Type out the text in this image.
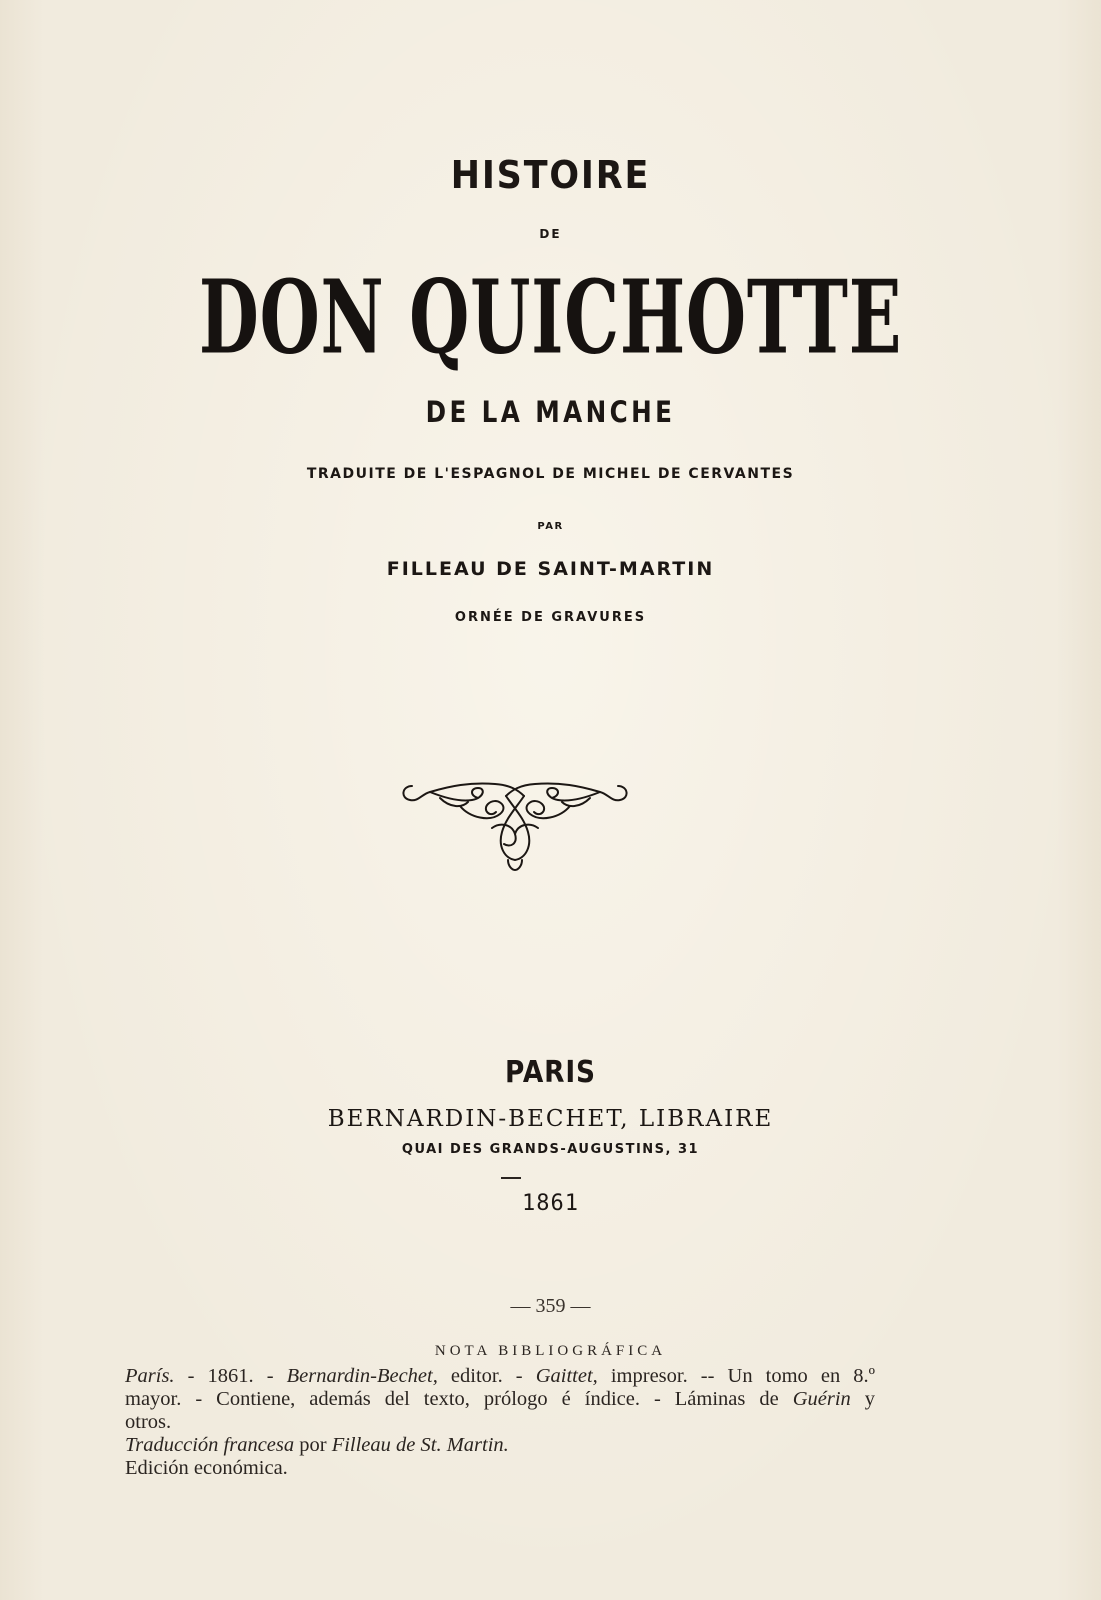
HISTOIRE
DE
DON QUICHOTTE
DE LA MANCHE
TRADUITE DE L'ESPAGNOL DE MICHEL DE CERVANTES
PAR
FILLEAU DE SAINT-MARTIN
ORNÉE DE GRAVURES
PARIS
BERNARDIN-BECHET, LIBRAIRE
QUAI DES GRANDS-AUGUSTINS, 31
1861
— 359 —
NOTA BIBLIOGRÁFICA

París. - 1861. - Bernardin-Bechet, editor. - Gaittet, impresor. -- Un tomo en 8.º

mayor. - Contiene, además del texto, prólogo é índice. - Láminas de Guérin y

otros.

Traducción francesa por Filleau de St. Martin.

Edición económica.
